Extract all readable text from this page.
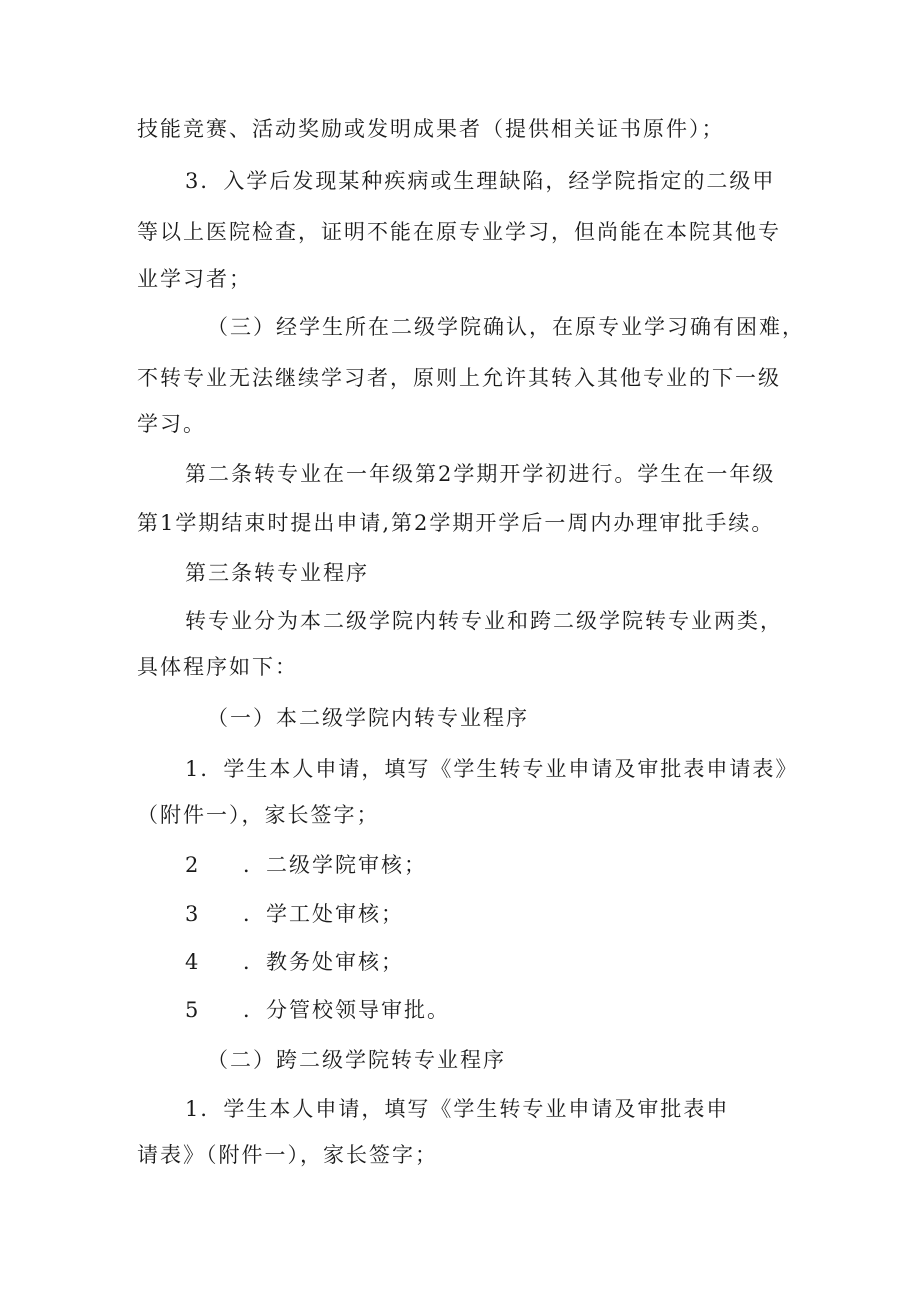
技能竞赛、活动奖励或发明成果者（提供相关证书原件）；
3．入学后发现某种疾病或生理缺陷，经学院指定的二级甲
等以上医院检查，证明不能在原专业学习，但尚能在本院其他专
业学习者；
（三）经学生所在二级学院确认，在原专业学习确有困难，
不转专业无法继续学习者，原则上允许其转入其他专业的下一级
学习。
第二条转专业在一年级第2学期开学初进行。学生在一年级
第1学期结束时提出申请,第2学期开学后一周内办理审批手续。
第三条转专业程序
转专业分为本二级学院内转专业和跨二级学院转专业两类，
具体程序如下：
（一）本二级学院内转专业程序
1．学生本人申请，填写《学生转专业申请及审批表申请表》
（附件一），家长签字；
2 ．二级学院审核；
3 ．学工处审核；
4 ．教务处审核；
5 ．分管校领导审批。
（二）跨二级学院转专业程序
1．学生本人申请，填写《学生转专业申请及审批表申
请表》（附件一），家长签字；
